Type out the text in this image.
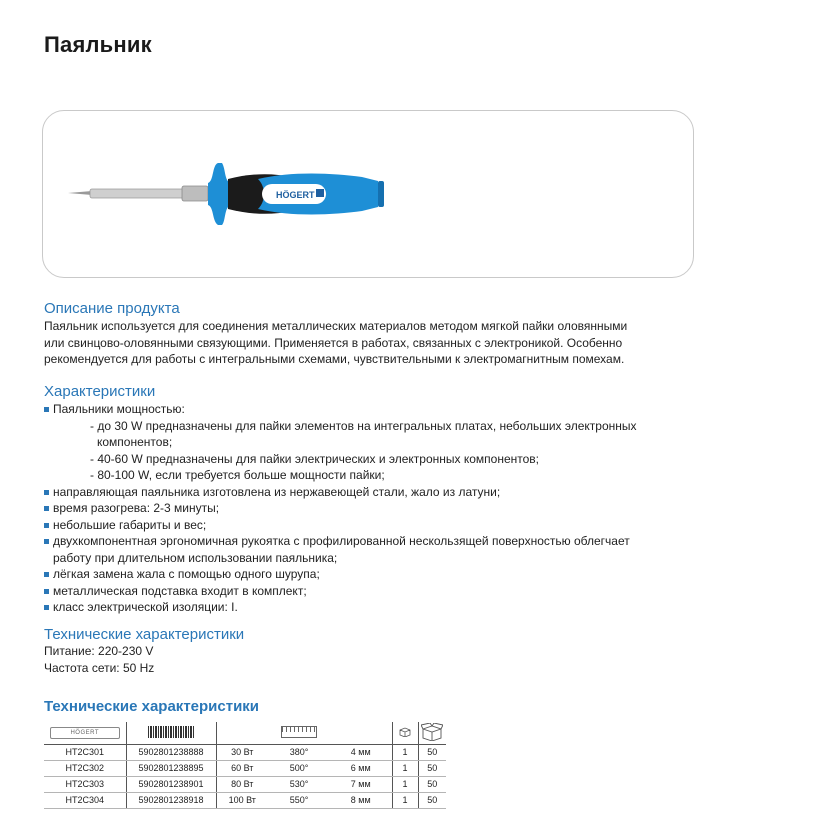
Паяльник
HÖGERT
Описание продукта
Паяльник используется для соединения металлических материалов методом мягкой пайки оловянными
или свинцово-оловянными связующими. Применяется в работах, связанных с электроникой. Особенно
рекомендуется для работы с интегральными схемами, чувствительными к электромагнитным помехам.
Характеристики
Паяльники мощностью:
- до 30 W предназначены для пайки элементов на интегральных платах, небольших электронных
компонентов;
- 40-60 W предназначены для пайки электрических и электронных компонентов;
- 80-100 W, если требуется больше мощности пайки;
направляющая паяльника изготовлена из нержавеющей стали, жало из латуни;
время разогрева: 2-3 минуты;
небольшие габариты и вес;
двухкомпонентная эргономичная рукоятка с профилированной нескользящей поверхностью облегчает
работу при длительном использовании паяльника;
лёгкая замена жала с помощью одного шурупа;
металлическая подставка входит в комплект;
класс электрической изоляции: I.
Технические характеристики
Питание: 220-230 V
Частота сети: 50 Hz
Технические характеристики
HÖGERT						
HT2C301	5902801238888	30 Вт	380°	4 мм	1	50
HT2C302	5902801238895	60 Вт	500°	6 мм	1	50
HT2C303	5902801238901	80 Вт	530°	7 мм	1	50
HT2C304	5902801238918	100 Вт	550°	8 мм	1	50
